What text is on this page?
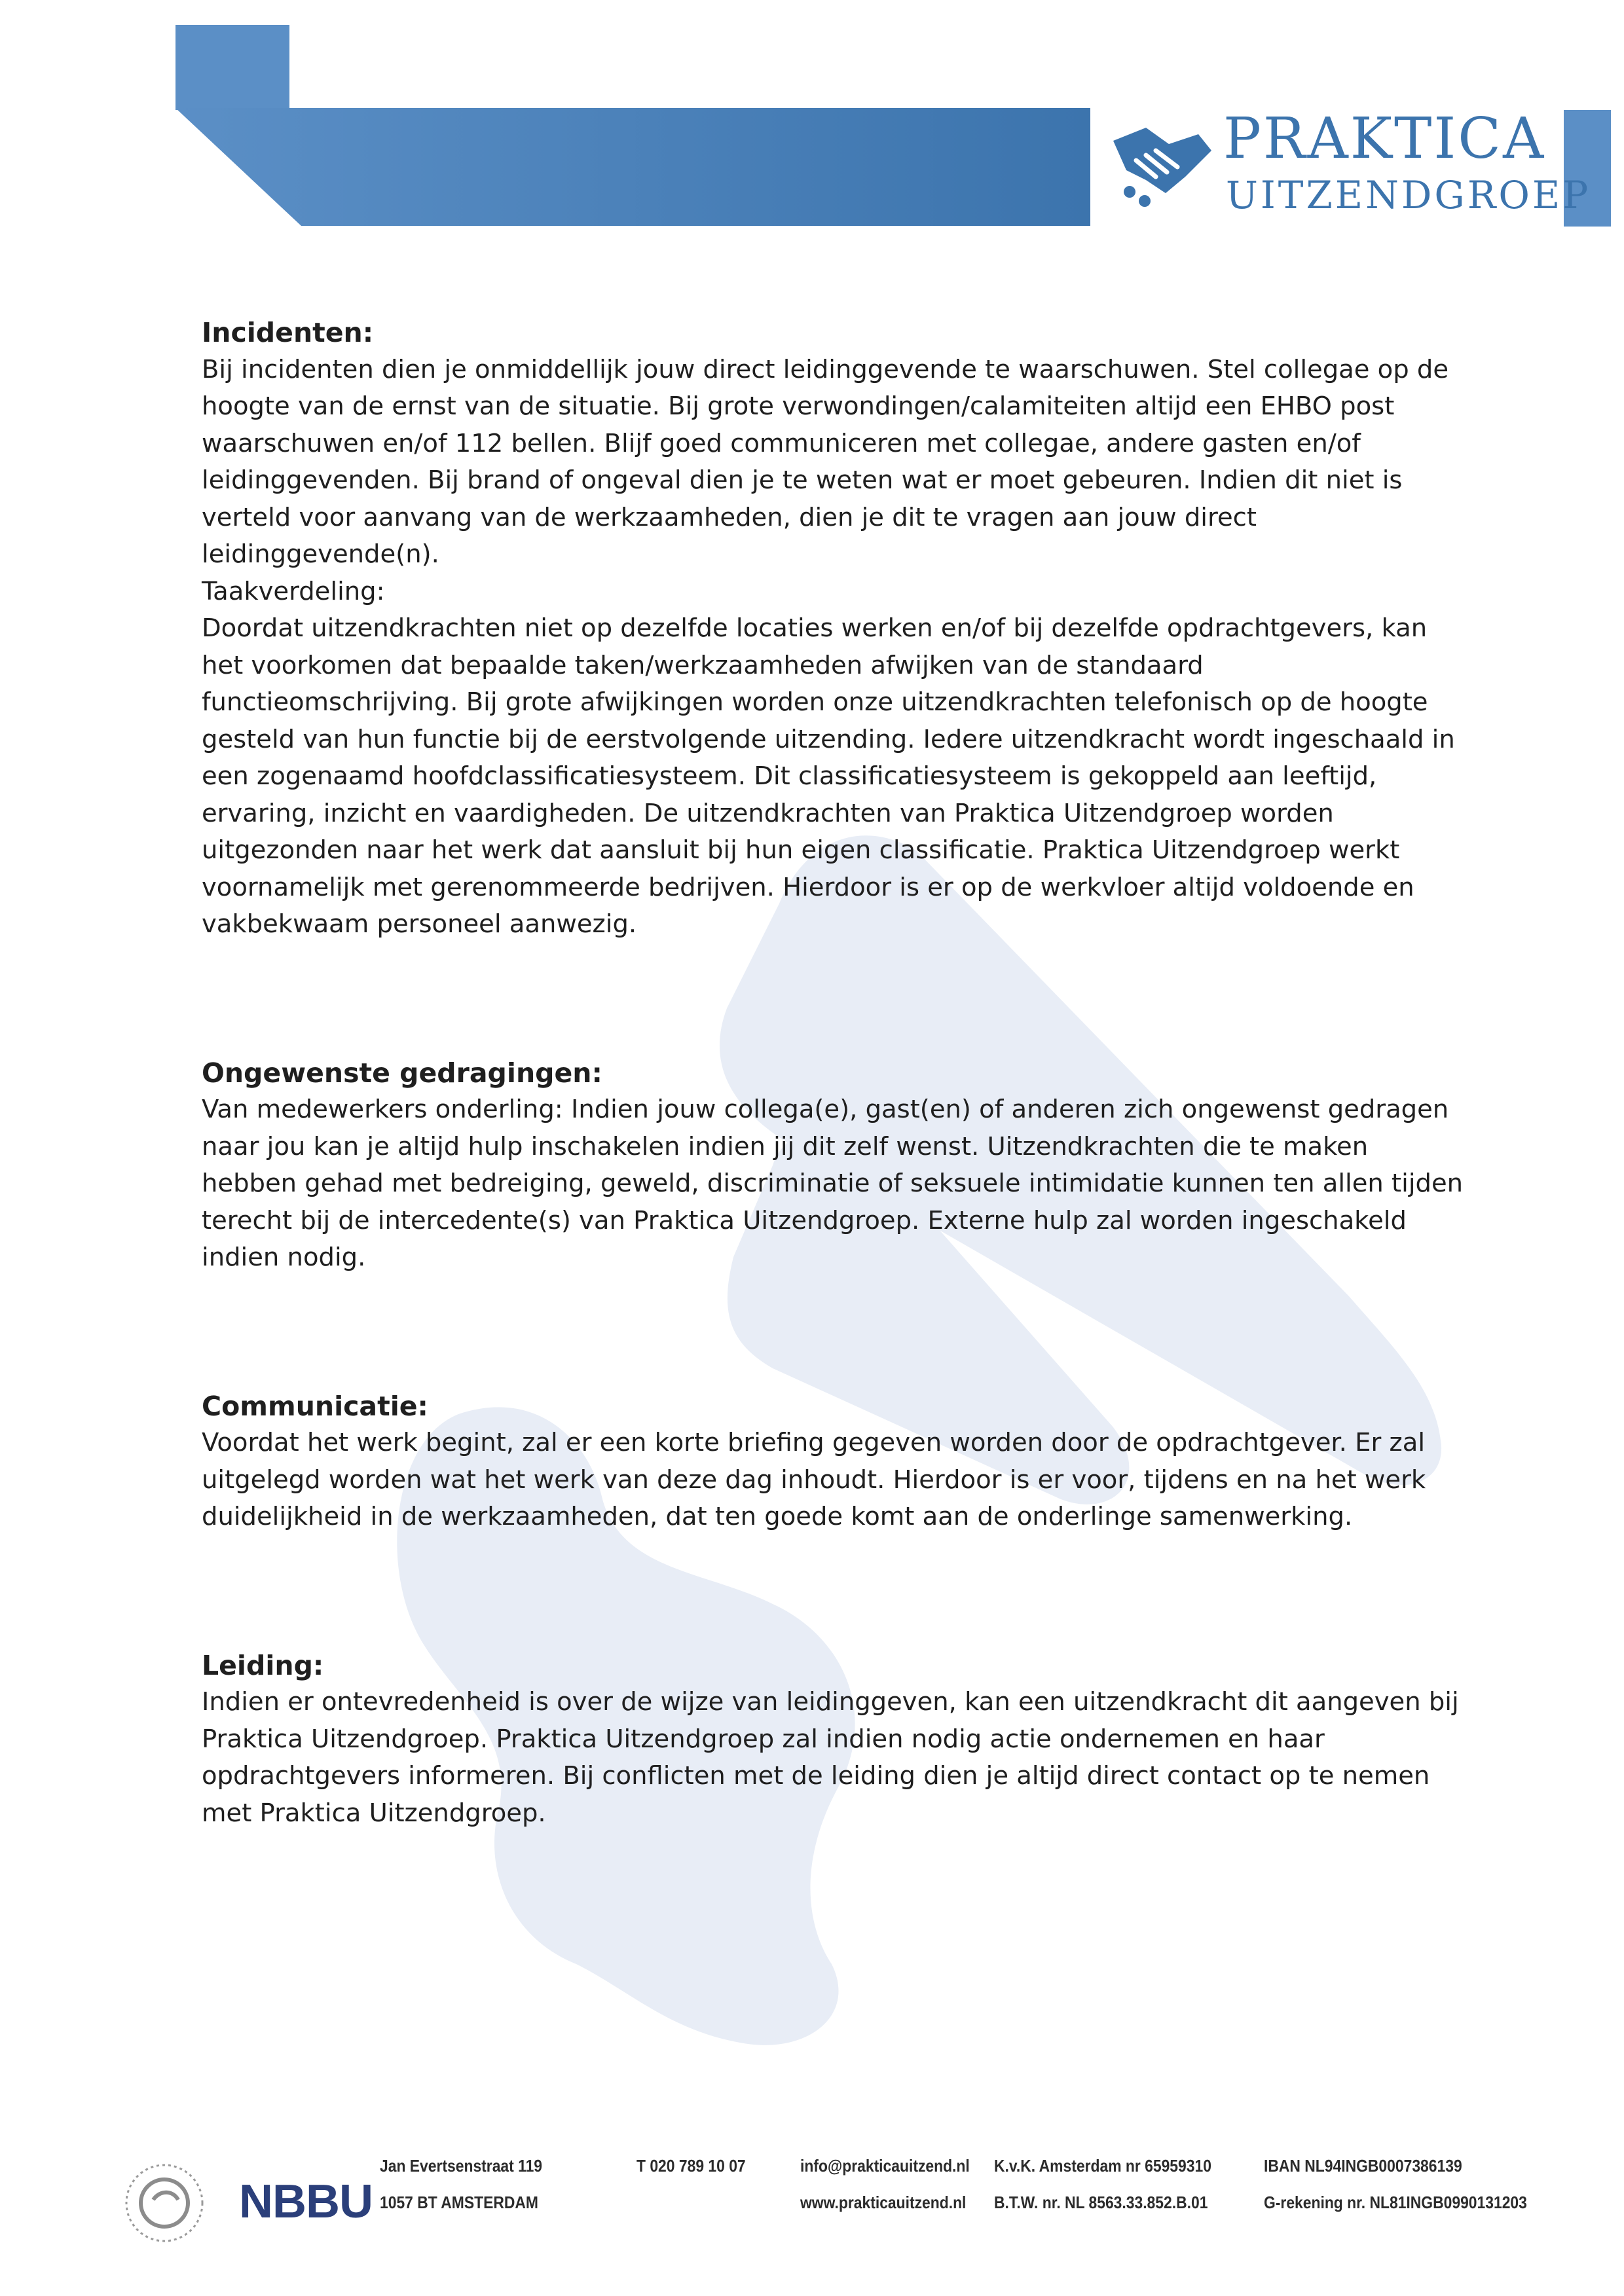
PRAKTICA
UITZENDGROEP

Incidenten:

Bij incidenten dien je onmiddellijk jouw direct leidinggevende te waarschuwen. Stel collegae op de hoogte van de ernst van de situatie. Bij grote verwondingen/calamiteiten altijd een EHBO post waarschuwen en/of 112 bellen. Blijf goed communiceren met collegae, andere gasten en/of leidinggevenden. Bij brand of ongeval dien je te weten wat er moet gebeuren. Indien dit niet is verteld voor aanvang van de werkzaamheden, dien je dit te vragen aan jouw direct leidinggevende(n).

Taakverdeling:

Doordat uitzendkrachten niet op dezelfde locaties werken en/of bij dezelfde opdrachtgevers, kan het voorkomen dat bepaalde taken/werkzaamheden afwijken van de standaard functieomschrijving. Bij grote afwijkingen worden onze uitzendkrachten telefonisch op de hoogte gesteld van hun functie bij de eerstvolgende uitzending. Iedere uitzendkracht wordt ingeschaald in een zogenaamd hoofdclassificatiesysteem. Dit classificatiesysteem is gekoppeld aan leeftijd, ervaring, inzicht en vaardigheden. De uitzendkrachten van Praktica Uitzendgroep worden uitgezonden naar het werk dat aansluit bij hun eigen classificatie. Praktica Uitzendgroep werkt voornamelijk met gerenommeerde bedrijven. Hierdoor is er op de werkvloer altijd voldoende en vakbekwaam personeel aanwezig.

Ongewenste gedragingen:

Van medewerkers onderling: Indien jouw collega(e), gast(en) of anderen zich ongewenst gedragen naar jou kan je altijd hulp inschakelen indien jij dit zelf wenst. Uitzendkrachten die te maken hebben gehad met bedreiging, geweld, discriminatie of seksuele intimidatie kunnen ten allen tijden terecht bij de intercedente(s) van Praktica Uitzendgroep. Externe hulp zal worden ingeschakeld indien nodig.

Communicatie:

Voordat het werk begint, zal er een korte briefing gegeven worden door de opdrachtgever. Er zal uitgelegd worden wat het werk van deze dag inhoudt. Hierdoor is er voor, tijdens en na het werk duidelijkheid in de werkzaamheden, dat ten goede komt aan de onderlinge samenwerking.

Leiding:

Indien er ontevredenheid is over de wijze van leidinggeven, kan een uitzendkracht dit aangeven bij Praktica Uitzendgroep. Praktica Uitzendgroep zal indien nodig actie ondernemen en haar opdrachtgevers informeren. Bij conflicten met de leiding dien je altijd direct contact op te nemen met Praktica Uitzendgroep.

NBBU
Jan Evertsenstraat 119
1057 BT AMSTERDAM
T 020 789 10 07	info@prakticauitzend.nl
www.prakticauitzend.nl
K.v.K. Amsterdam nr 65959310
B.T.W. nr. NL 8563.33.852.B.01
IBAN NL94INGB0007386139
G-rekening nr. NL81INGB0990131203
